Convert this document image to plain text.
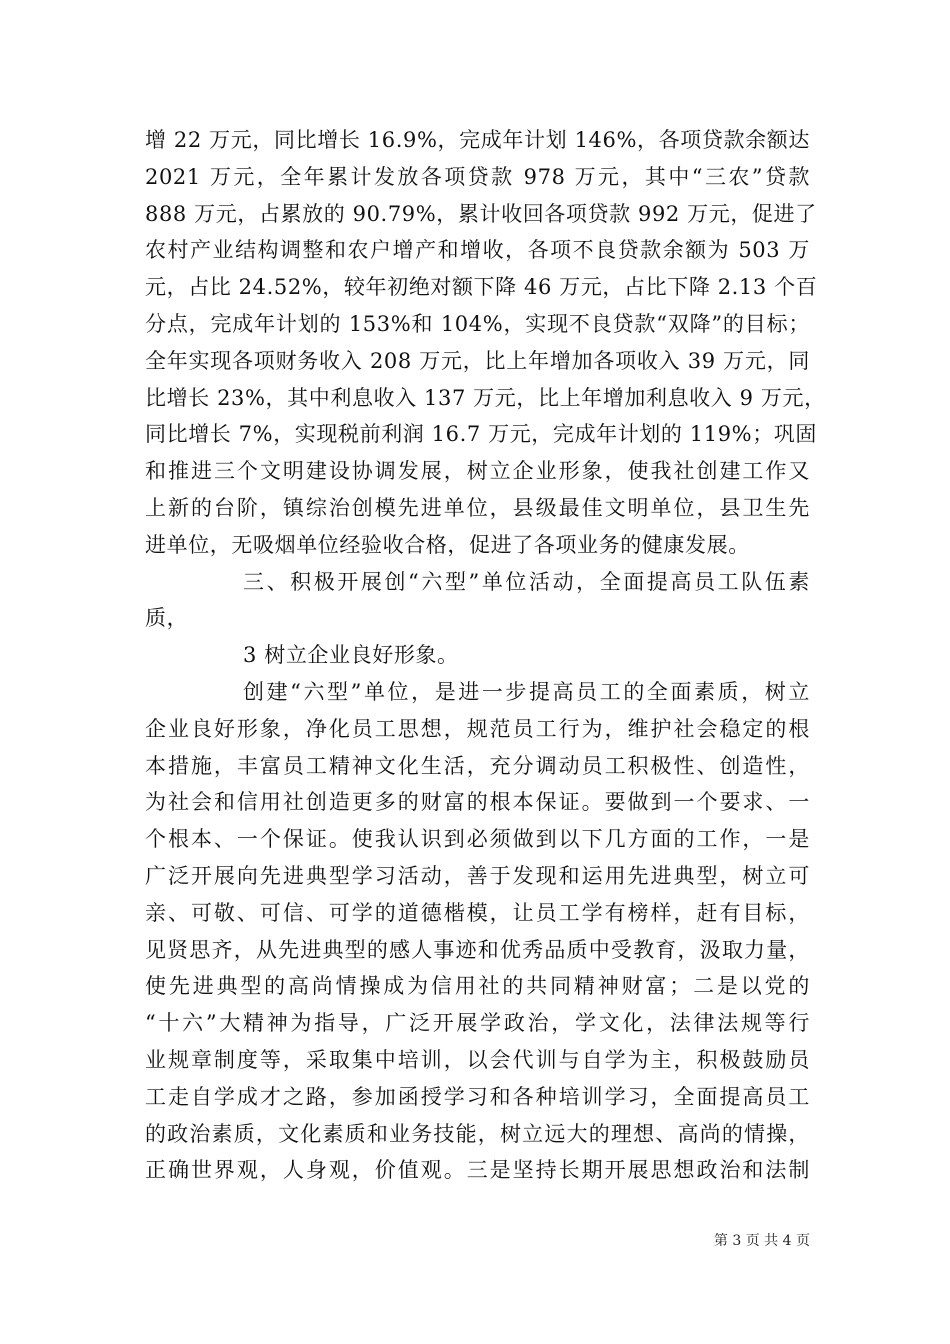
增 22 万元，同比增长 16.9%，完成年计划 146%，各项贷款余额达
2021 万元，全年累计发放各项贷款 978 万元，其中“三农”贷款
888 万元，占累放的 90.79%，累计收回各项贷款 992 万元，促进了
农村产业结构调整和农户增产和增收，各项不良贷款余额为 503 万
元，占比 24.52%，较年初绝对额下降 46 万元，占比下降 2.13 个百
分点，完成年计划的 153%和 104%，实现不良贷款“双降”的目标；
全年实现各项财务收入 208 万元，比上年增加各项收入 39 万元，同
比增长 23%，其中利息收入 137 万元，比上年增加利息收入 9 万元，
同比增长 7%，实现税前利润 16.7 万元，完成年计划的 119%；巩固
和推进三个文明建设协调发展，树立企业形象，使我社创建工作又
上新的台阶，镇综治创模先进单位，县级最佳文明单位，县卫生先
进单位，无吸烟单位经验收合格，促进了各项业务的健康发展。
三、积极开展创“六型”单位活动，全面提高员工队伍素
质，
3 树立企业良好形象。
创建“六型”单位，是进一步提高员工的全面素质，树立
企业良好形象，净化员工思想，规范员工行为，维护社会稳定的根
本措施，丰富员工精神文化生活，充分调动员工积极性、创造性，
为社会和信用社创造更多的财富的根本保证。要做到一个要求、一
个根本、一个保证。使我认识到必须做到以下几方面的工作，一是
广泛开展向先进典型学习活动，善于发现和运用先进典型，树立可
亲、可敬、可信、可学的道德楷模，让员工学有榜样，赶有目标，
见贤思齐，从先进典型的感人事迹和优秀品质中受教育，汲取力量，
使先进典型的高尚情操成为信用社的共同精神财富；二是以党的
“十六”大精神为指导，广泛开展学政治，学文化，法律法规等行
业规章制度等，采取集中培训，以会代训与自学为主，积极鼓励员
工走自学成才之路，参加函授学习和各种培训学习，全面提高员工
的政治素质，文化素质和业务技能，树立远大的理想、高尚的情操，
正确世界观，人身观，价值观。三是坚持长期开展思想政治和法制
第 3 页 共 4 页
